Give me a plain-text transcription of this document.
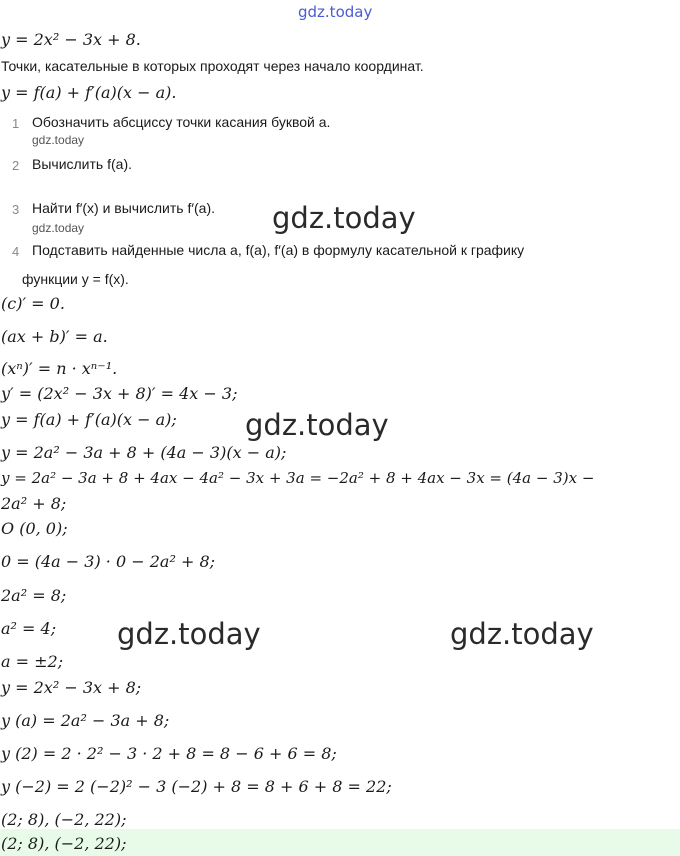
gdz.today
y = 2x² − 3x + 8.
Точки, касательные в которых проходят через начало координат.
y = f(a) + f′(a)(x − a).
1 Обозначить абсциссу точки касания буквой a.
gdz.today
2 Вычислить f(a).
3 Найти f′(x) и вычислить f′(a).
gdz.today
4 Подставить найденные числа a, f(a), f′(a) в формулу касательной к графику
функции y = f(x).
(c)′ = 0.
(ax + b)′ = a.
(xⁿ)′ = n · xⁿ⁻¹.
y′ = (2x² − 3x + 8)′ = 4x − 3;
y = f(a) + f′(a)(x − a);
y = 2a² − 3a + 8 + (4a − 3)(x − a);
y = 2a² − 3a + 8 + 4ax − 4a² − 3x + 3a = −2a² + 8 + 4ax − 3x = (4a − 3)x −
2a² + 8;
O (0, 0);
0 = (4a − 3) · 0 − 2a² + 8;
2a² = 8;
a² = 4;
a = ±2;
y = 2x² − 3x + 8;
y (a) = 2a² − 3a + 8;
y (2) = 2 · 2² − 3 · 2 + 8 = 8 − 6 + 6 = 8;
y (−2) = 2 (−2)² − 3 (−2) + 8 = 8 + 6 + 8 = 22;
(2; 8), (−2, 22);
(2; 8), (−2, 22);
gdz.today
gdz.today
gdz.today	gdz.today
